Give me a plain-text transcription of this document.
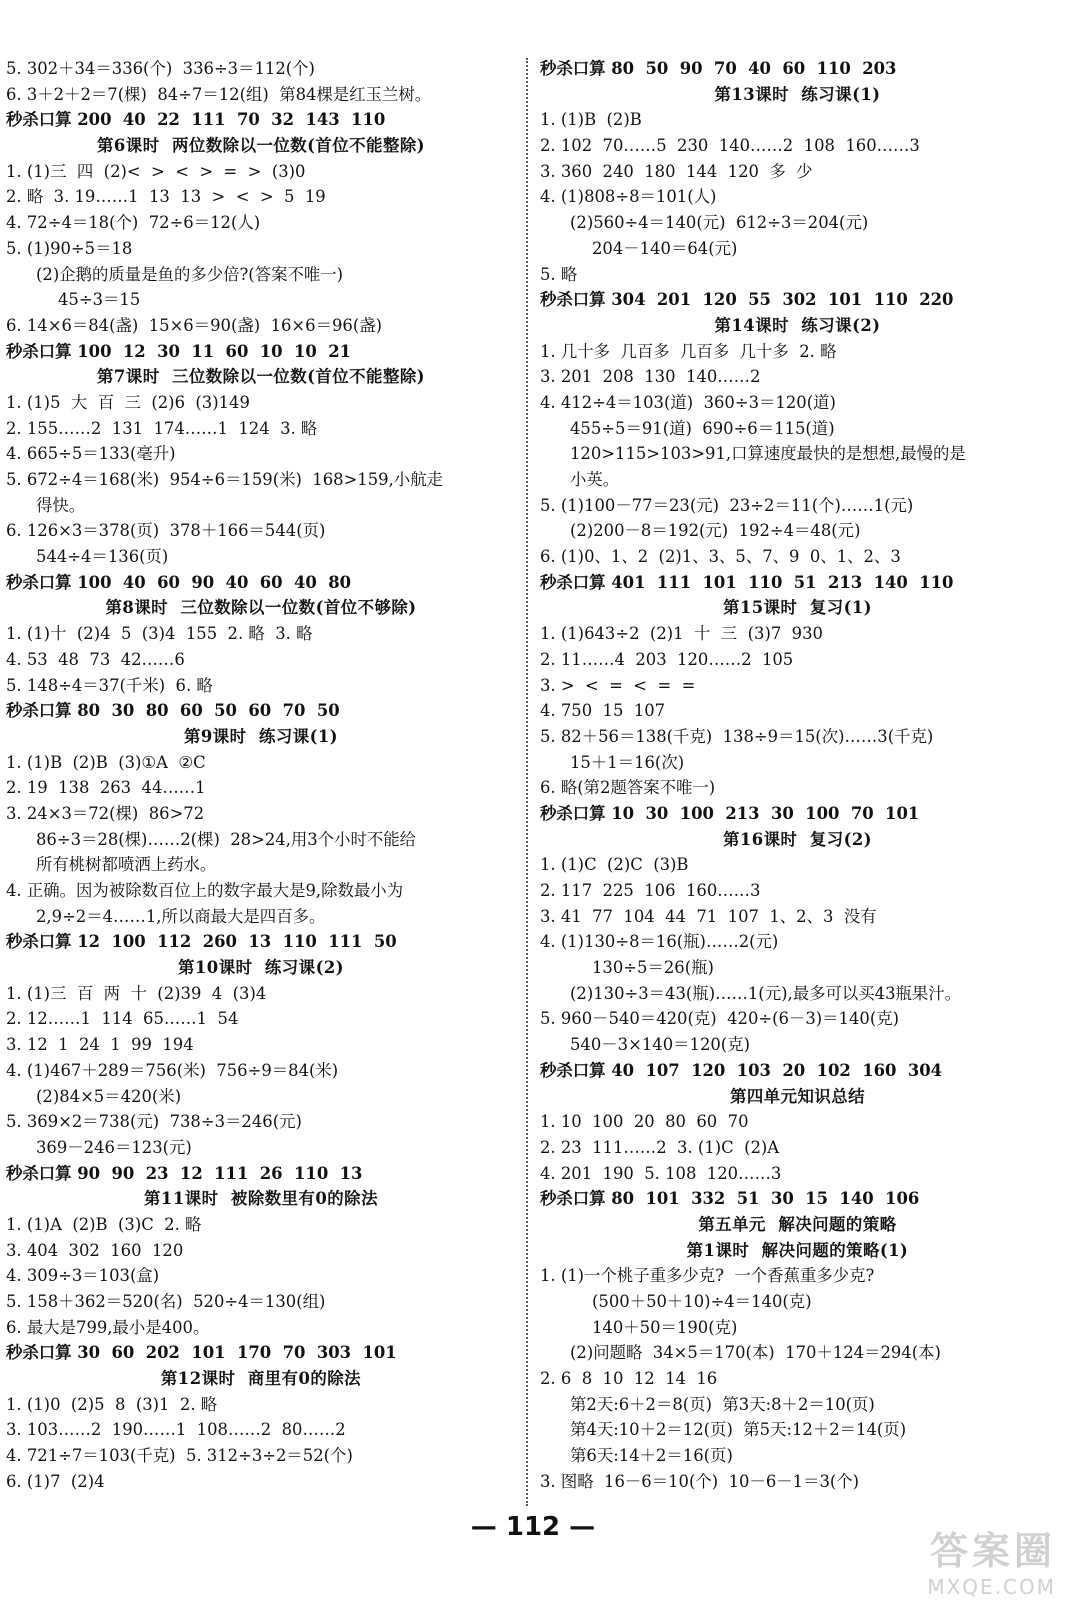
5. 302＋34＝336(个)  336÷3＝112(个)
6. 3＋2＋2＝7(棵)  84÷7＝12(组)  第84棵是红玉兰树。
秒杀口算 200  40  22  111  70  32  143  110
第6课时  两位数除以一位数(首位不能整除)
1. (1)三  四  (2)<  >  <  >  =  >  (3)0
2. 略  3. 19……1  13  13  >  <  >  5  19
4. 72÷4＝18(个)  72÷6＝12(人)
5. (1)90÷5＝18
(2)企鹅的质量是鱼的多少倍?(答案不唯一)
45÷3＝15
6. 14×6＝84(盏)  15×6＝90(盏)  16×6＝96(盏)
秒杀口算 100  12  30  11  60  10  10  21
第7课时  三位数除以一位数(首位不能整除)
1. (1)5  大  百  三  (2)6  (3)149
2. 155……2  131  174……1  124  3. 略
4. 665÷5＝133(毫升)
5. 672÷4＝168(米)  954÷6＝159(米)  168>159,小航走
得快。
6. 126×3＝378(页)  378＋166＝544(页)
544÷4＝136(页)
秒杀口算 100  40  60  90  40  60  40  80
第8课时  三位数除以一位数(首位不够除)
1. (1)十  (2)4  5  (3)4  155  2. 略  3. 略
4. 53  48  73  42……6
5. 148÷4＝37(千米)  6. 略
秒杀口算 80  30  80  60  50  60  70  50
第9课时  练习课(1)
1. (1)B  (2)B  (3)①A  ②C
2. 19  138  263  44……1
3. 24×3＝72(棵)  86>72
86÷3＝28(棵)……2(棵)  28>24,用3个小时不能给
所有桃树都喷洒上药水。
4. 正确。因为被除数百位上的数字最大是9,除数最小为
2,9÷2＝4……1,所以商最大是四百多。
秒杀口算 12  100  112  260  13  110  111  50
第10课时  练习课(2)
1. (1)三  百  两  十  (2)39  4  (3)4
2. 12……1  114  65……1  54
3. 12  1  24  1  99  194
4. (1)467＋289＝756(米)  756÷9＝84(米)
(2)84×5＝420(米)
5. 369×2＝738(元)  738÷3＝246(元)
369－246＝123(元)
秒杀口算 90  90  23  12  111  26  110  13
第11课时  被除数里有0的除法
1. (1)A  (2)B  (3)C  2. 略
3. 404  302  160  120
4. 309÷3＝103(盒)
5. 158＋362＝520(名)  520÷4＝130(组)
6. 最大是799,最小是400。
秒杀口算 30  60  202  101  170  70  303  101
第12课时  商里有0的除法
1. (1)0  (2)5  8  (3)1  2. 略
3. 103……2  190……1  108……2  80……2
4. 721÷7＝103(千克)  5. 312÷3÷2＝52(个)
6. (1)7  (2)4
秒杀口算 80  50  90  70  40  60  110  203
第13课时  练习课(1)
1. (1)B  (2)B
2. 102  70……5  230  140……2  108  160……3
3. 360  240  180  144  120  多  少
4. (1)808÷8＝101(人)
(2)560÷4＝140(元)  612÷3＝204(元)
204－140＝64(元)
5. 略
秒杀口算 304  201  120  55  302  101  110  220
第14课时  练习课(2)
1. 几十多  几百多  几百多  几十多  2. 略
3. 201  208  130  140……2
4. 412÷4＝103(道)  360÷3＝120(道)
455÷5＝91(道)  690÷6＝115(道)
120>115>103>91,口算速度最快的是想想,最慢的是
小英。
5. (1)100－77＝23(元)  23÷2＝11(个)……1(元)
(2)200－8＝192(元)  192÷4＝48(元)
6. (1)0、1、2  (2)1、3、5、7、9  0、1、2、3
秒杀口算 401  111  101  110  51  213  140  110
第15课时  复习(1)
1. (1)643÷2  (2)1  十  三  (3)7  930
2. 11……4  203  120……2  105
3. >  <  =  <  =  =
4. 750  15  107
5. 82＋56＝138(千克)  138÷9＝15(次)……3(千克)
15＋1＝16(次)
6. 略(第2题答案不唯一)
秒杀口算 10  30  100  213  30  100  70  101
第16课时  复习(2)
1. (1)C  (2)C  (3)B
2. 117  225  106  160……3
3. 41  77  104  44  71  107  1、2、3  没有
4. (1)130÷8＝16(瓶)……2(元)
130÷5＝26(瓶)
(2)130÷3＝43(瓶)……1(元),最多可以买43瓶果汁。
5. 960－540＝420(克)  420÷(6－3)＝140(克)
540－3×140＝120(克)
秒杀口算 40  107  120  103  20  102  160  304
第四单元知识总结
1. 10  100  20  80  60  70
2. 23  111……2  3. (1)C  (2)A
4. 201  190  5. 108  120……3
秒杀口算 80  101  332  51  30  15  140  106
第五单元  解决问题的策略
第1课时  解决问题的策略(1)
1. (1)一个桃子重多少克?  一个香蕉重多少克?
(500＋50＋10)÷4＝140(克)
140＋50＝190(克)
(2)问题略  34×5＝170(本)  170＋124＝294(本)
2. 6  8  10  12  14  16
第2天:6＋2＝8(页)  第3天:8＋2＝10(页)
第4天:10＋2＝12(页)  第5天:12＋2＝14(页)
第6天:14＋2＝16(页)
3. 图略  16－6＝10(个)  10－6－1＝3(个)
— 112 —
答案圈
MXQE.COM
